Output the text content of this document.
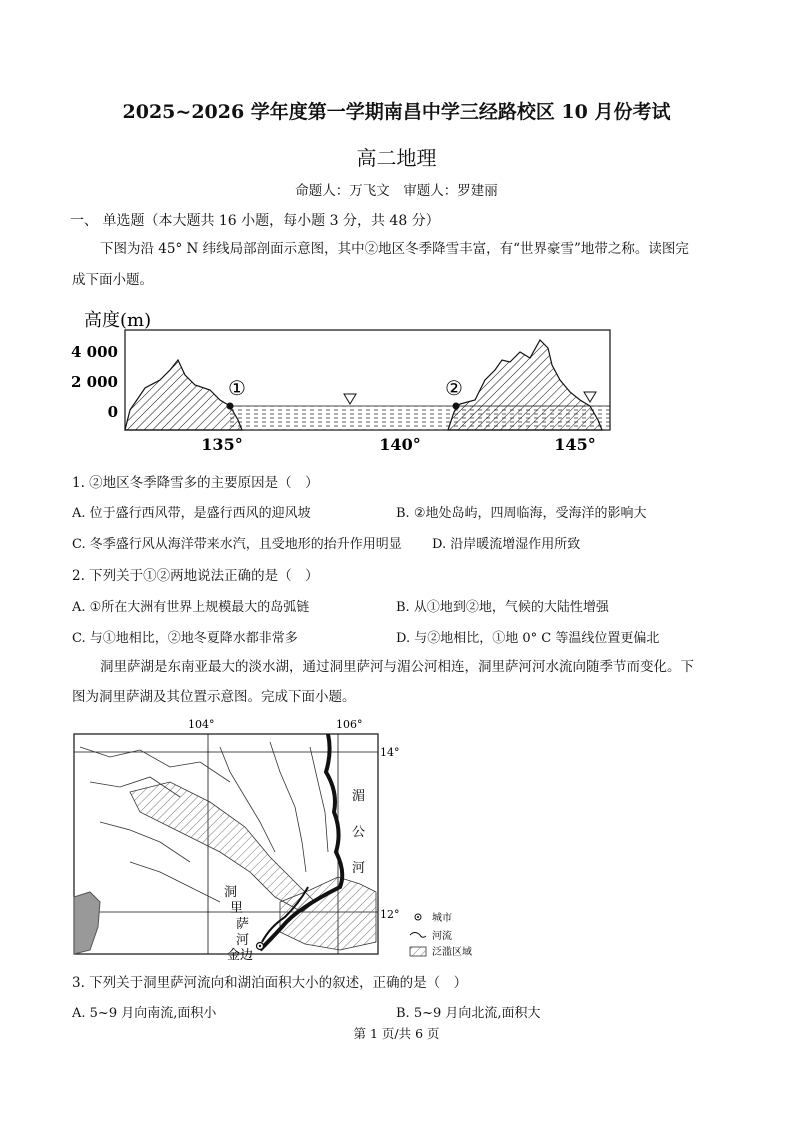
2025~2026 学年度第一学期南昌中学三经路校区 10 月份考试
高二地理
命题人：万飞文　审题人：罗建丽
一、 单选题（本大题共 16 小题，每小题 3 分，共 48 分）
下图为沿 45° N 纬线局部剖面示意图，其中②地区冬季降雪丰富，有“世界豪雪”地带之称。读图完
成下面小题。
高度(m)
4 000
2 000
0
①	②
135°	140°	145°
1. ②地区冬季降雪多的主要原因是（　）
A. 位于盛行西风带，是盛行西风的迎风坡	B. ②地处岛屿，四周临海，受海洋的影响大
C. 冬季盛行风从海洋带来水汽，且受地形的抬升作用明显 D. 沿岸暖流增湿作用所致
2. 下列关于①②两地说法正确的是（　）
A. ①所在大洲有世界上规模最大的岛弧链	B. 从①地到②地，气候的大陆性增强
C. 与①地相比，②地冬夏降水都非常多	D. 与②地相比，①地 0° C 等温线位置更偏北
洞里萨湖是东南亚最大的淡水湖，通过洞里萨河与湄公河相连，洞里萨河河水流向随季节而变化。下
图为洞里萨湖及其位置示意图。完成下面小题。
104°	106°
14°
12°
湄
公
河
洞
里
萨
河
金边
城市
河流
泛滥区域
3. 下列关于洞里萨河流向和湖泊面积大小的叙述，正确的是（　）
A. 5~9 月向南流,面积小	B. 5~9 月向北流,面积大
第 1 页/共 6 页
